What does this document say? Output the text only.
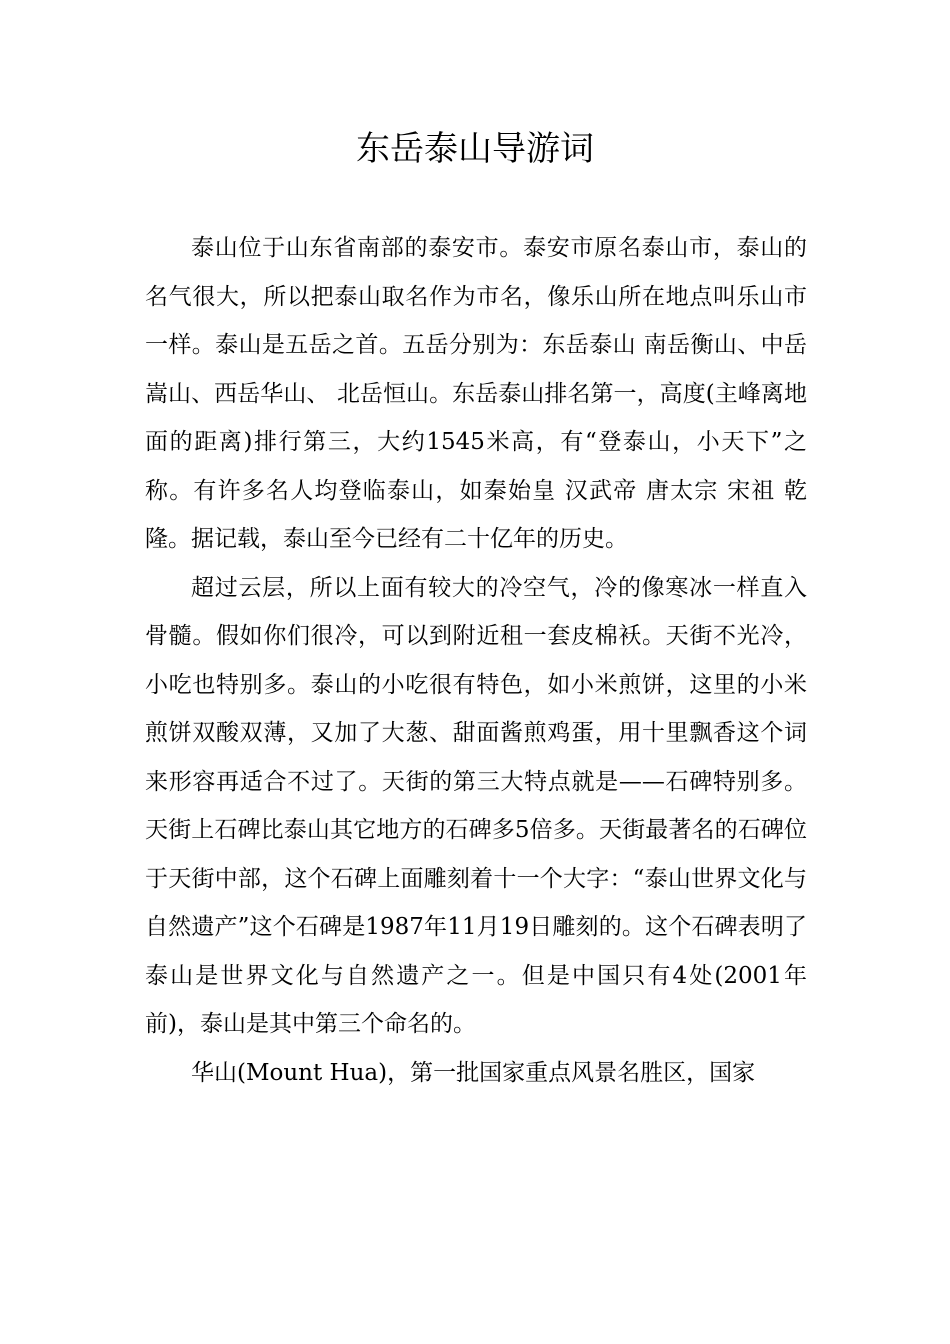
东岳泰山导游词

泰山位于山东省南部的泰安市。泰安市原名泰山市，泰山的名气很大，所以把泰山取名作为市名，像乐山所在地点叫乐山市一样。泰山是五岳之首。五岳分别为：东岳泰山 南岳衡山、中岳嵩山、西岳华山、 北岳恒山。东岳泰山排名第一，高度(主峰离地面的距离)排行第三，大约1545米高，有“登泰山，小天下”之称。有许多名人均登临泰山，如秦始皇 汉武帝 唐太宗 宋祖 乾隆。据记载，泰山至今已经有二十亿年的历史。

超过云层，所以上面有较大的冷空气，冷的像寒冰一样直入骨髓。假如你们很冷，可以到附近租一套皮棉袄。天街不光冷，小吃也特别多。泰山的小吃很有特色，如小米煎饼，这里的小米煎饼双酸双薄，又加了大葱、甜面酱煎鸡蛋，用十里飘香这个词来形容再适合不过了。天街的第三大特点就是——石碑特别多。天街上石碑比泰山其它地方的石碑多5倍多。天街最著名的石碑位于天街中部，这个石碑上面雕刻着十一个大字：“泰山世界文化与自然遗产”这个石碑是1987年11月19日雕刻的。这个石碑表明了泰山是世界文化与自然遗产之一。但是中国只有4处(2001年前)，泰山是其中第三个命名的。

华山(Mount Hua)，第一批国家重点风景名胜区，国家
